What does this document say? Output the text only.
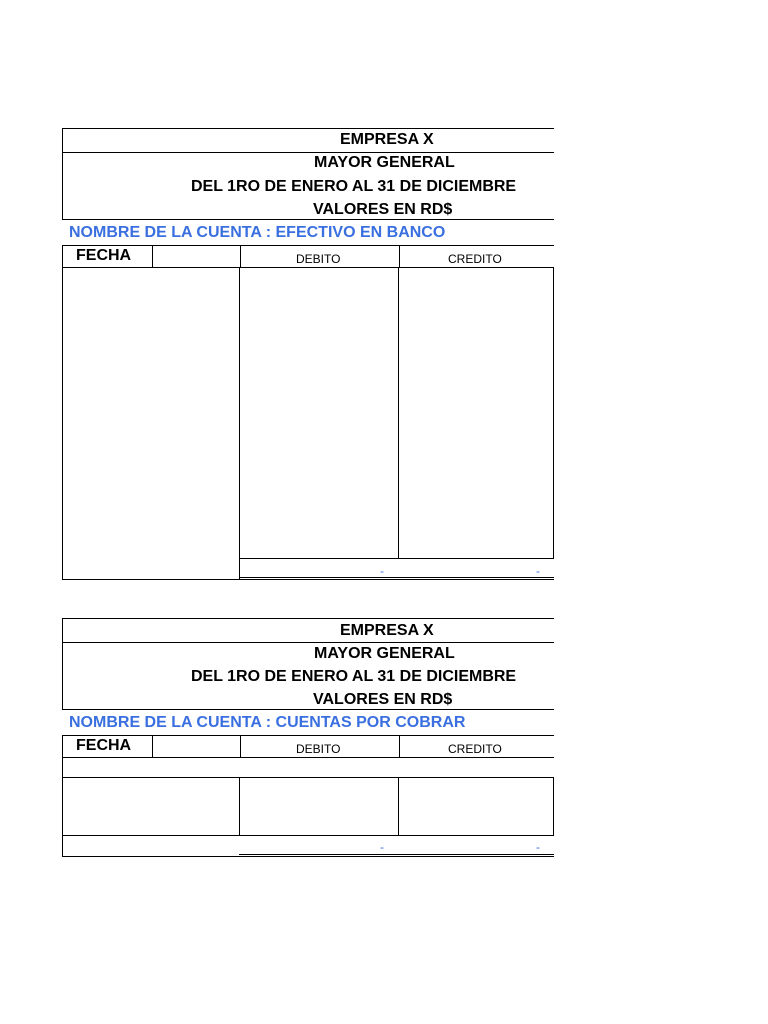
EMPRESA X
MAYOR GENERAL
DEL 1RO DE ENERO AL 31 DE DICIEMBRE
VALORES EN RD$
NOMBRE DE LA CUENTA : EFECTIVO EN BANCO
FECHA	DEBITO	CREDITO
-	-
EMPRESA X
MAYOR GENERAL
DEL 1RO DE ENERO AL 31 DE DICIEMBRE
VALORES EN RD$
NOMBRE DE LA CUENTA : CUENTAS POR COBRAR
FECHA	DEBITO	CREDITO
-	-
